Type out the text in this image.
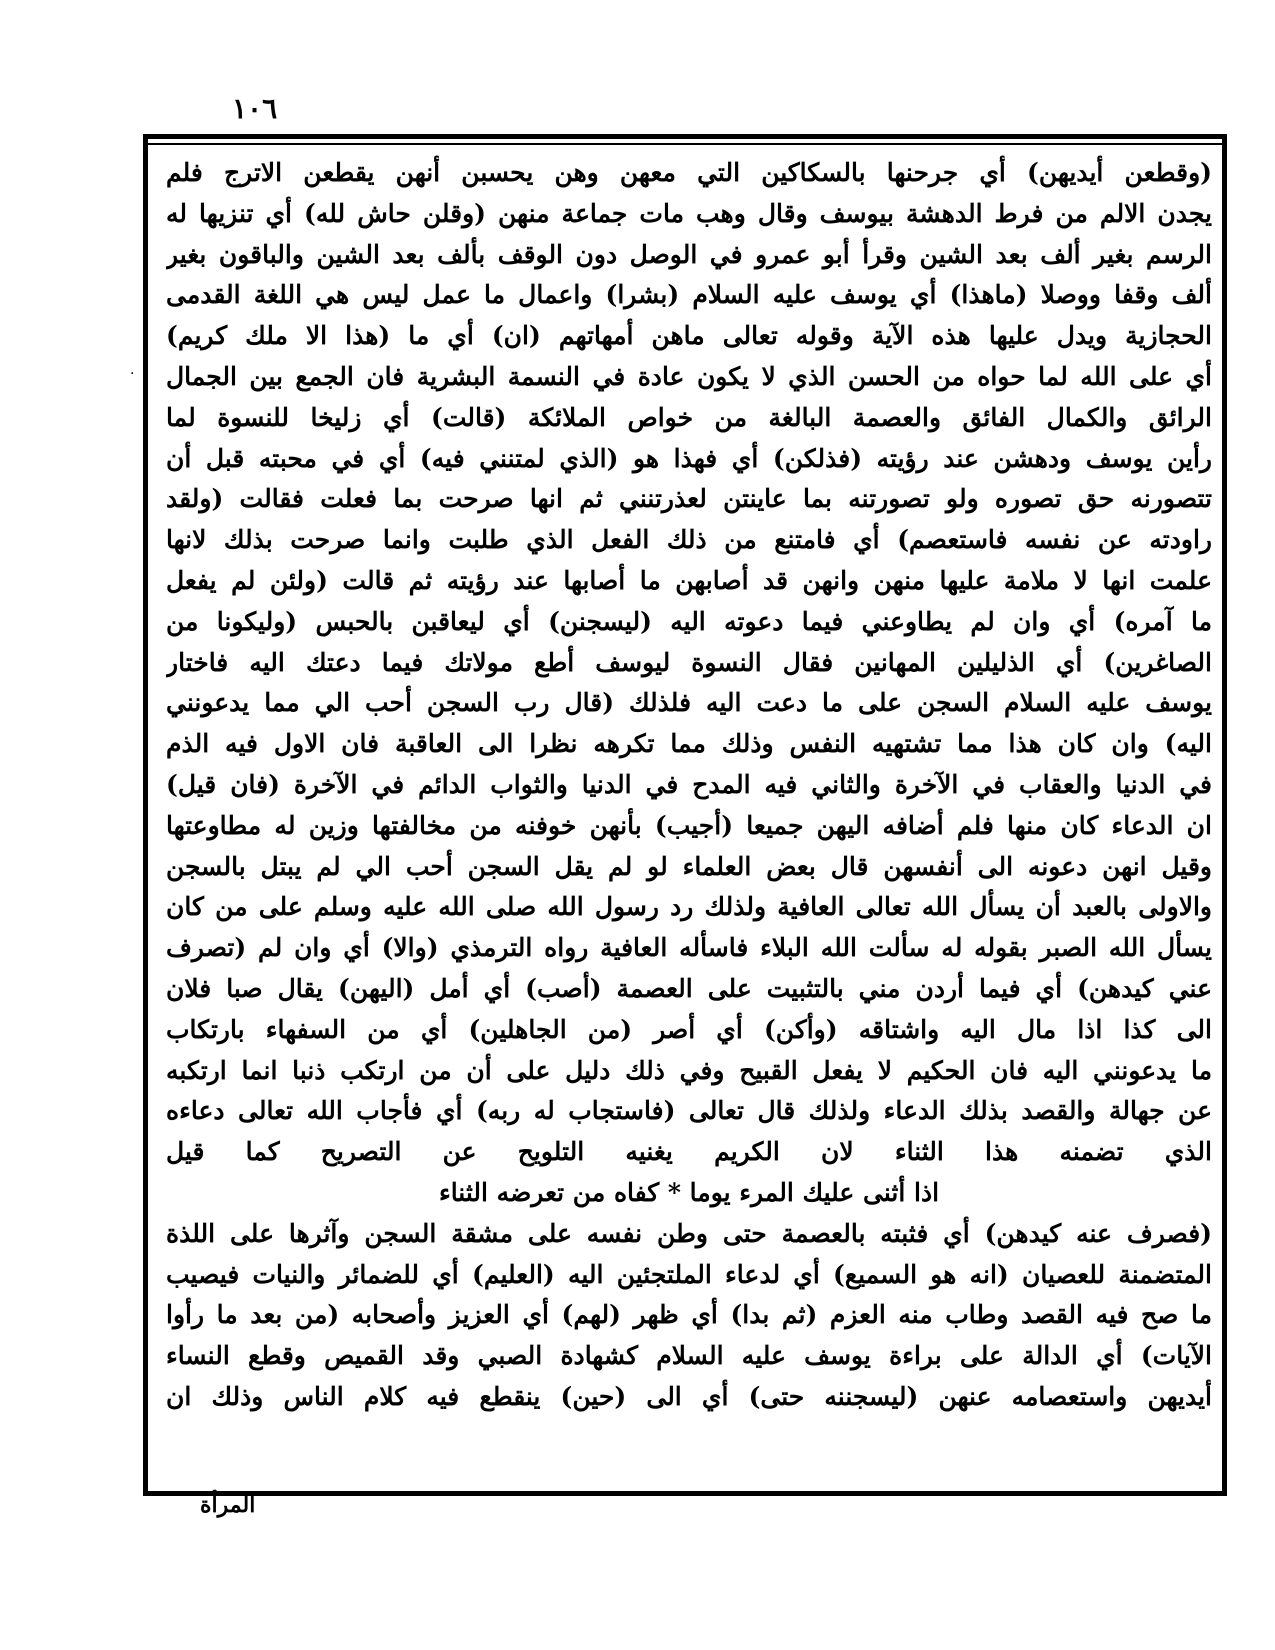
١٠٦
(وقطعن أيديهن) أي جرحنها بالسكاكين التي معهن وهن يحسبن أنهن يقطعن الاترج فلم
يجدن الالم من فرط الدهشة بيوسف وقال وهب مات جماعة منهن (وقلن حاش لله) أي تنزيها له
الرسم بغير ألف بعد الشين وقرأ أبو عمرو في الوصل دون الوقف بألف بعد الشين والباقون بغير
ألف وقفا ووصلا (ماهذا) أي يوسف عليه السلام (بشرا) واعمال ما عمل ليس هي اللغة القدمى
الحجازية ويدل عليها هذه الآية وقوله تعالى ماهن أمهاتهم (ان) أي ما (هذا الا ملك كريم)
أي على الله لما حواه من الحسن الذي لا يكون عادة في النسمة البشرية فان الجمع بين الجمال
الرائق والكمال الفائق والعصمة البالغة من خواص الملائكة (قالت) أي زليخا للنسوة لما
رأين يوسف ودهشن عند رؤيته (فذلكن) أي فهذا هو (الذي لمتنني فيه) أي في محبته قبل أن
تتصورنه حق تصوره ولو تصورتنه بما عاينتن لعذرتنني ثم انها صرحت بما فعلت فقالت (ولقد
راودته عن نفسه فاستعصم) أي فامتنع من ذلك الفعل الذي طلبت وانما صرحت بذلك لانها
علمت انها لا ملامة عليها منهن وانهن قد أصابهن ما أصابها عند رؤيته ثم قالت (ولئن لم يفعل
ما آمره) أي وان لم يطاوعني فيما دعوته اليه (ليسجنن) أي ليعاقبن بالحبس (وليكونا من
الصاغرين) أي الذليلين المهانين فقال النسوة ليوسف أطع مولاتك فيما دعتك اليه فاختار
يوسف عليه السلام السجن على ما دعت اليه فلذلك (قال رب السجن أحب الي مما يدعونني
اليه) وان كان هذا مما تشتهيه النفس وذلك مما تكرهه نظرا الى العاقبة فان الاول فيه الذم
في الدنيا والعقاب في الآخرة والثاني فيه المدح في الدنيا والثواب الدائم في الآخرة (فان قيل)
ان الدعاء كان منها فلم أضافه اليهن جميعا (أجيب) بأنهن خوفنه من مخالفتها وزين له مطاوعتها
وقيل انهن دعونه الى أنفسهن قال بعض العلماء لو لم يقل السجن أحب الي لم يبتل بالسجن
والاولى بالعبد أن يسأل الله تعالى العافية ولذلك رد رسول الله صلى الله عليه وسلم على من كان
يسأل الله الصبر بقوله له سألت الله البلاء فاسأله العافية رواه الترمذي (والا) أي وان لم (تصرف
عني كيدهن) أي فيما أردن مني بالتثبيت على العصمة (أصب) أي أمل (اليهن) يقال صبا فلان
الى كذا اذا مال اليه واشتاقه (وأكن) أي أصر (من الجاهلين) أي من السفهاء بارتكاب
ما يدعونني اليه فان الحكيم لا يفعل القبيح وفي ذلك دليل على أن من ارتكب ذنبا انما ارتكبه
عن جهالة والقصد بذلك الدعاء ولذلك قال تعالى (فاستجاب له ربه) أي فأجاب الله تعالى دعاءه
الذي تضمنه هذا الثناء لان الكريم يغنيه التلويح عن التصريح كما قيل
اذا أثنى عليك المرء يوما * كفاه من تعرضه الثناء
(فصرف عنه كيدهن) أي فثبته بالعصمة حتى وطن نفسه على مشقة السجن وآثرها على اللذة
المتضمنة للعصيان (انه هو السميع) أي لدعاء الملتجئين اليه (العليم) أي للضمائر والنيات فيصيب
ما صح فيه القصد وطاب منه العزم (ثم بدا) أي ظهر (لهم) أي العزيز وأصحابه (من بعد ما رأوا
الآيات) أي الدالة على براءة يوسف عليه السلام كشهادة الصبي وقد القميص وقطع النساء
أيديهن واستعصامه عنهن (ليسجننه حتى) أي الى (حين) ينقطع فيه كلام الناس وذلك ان
·
المرأة
